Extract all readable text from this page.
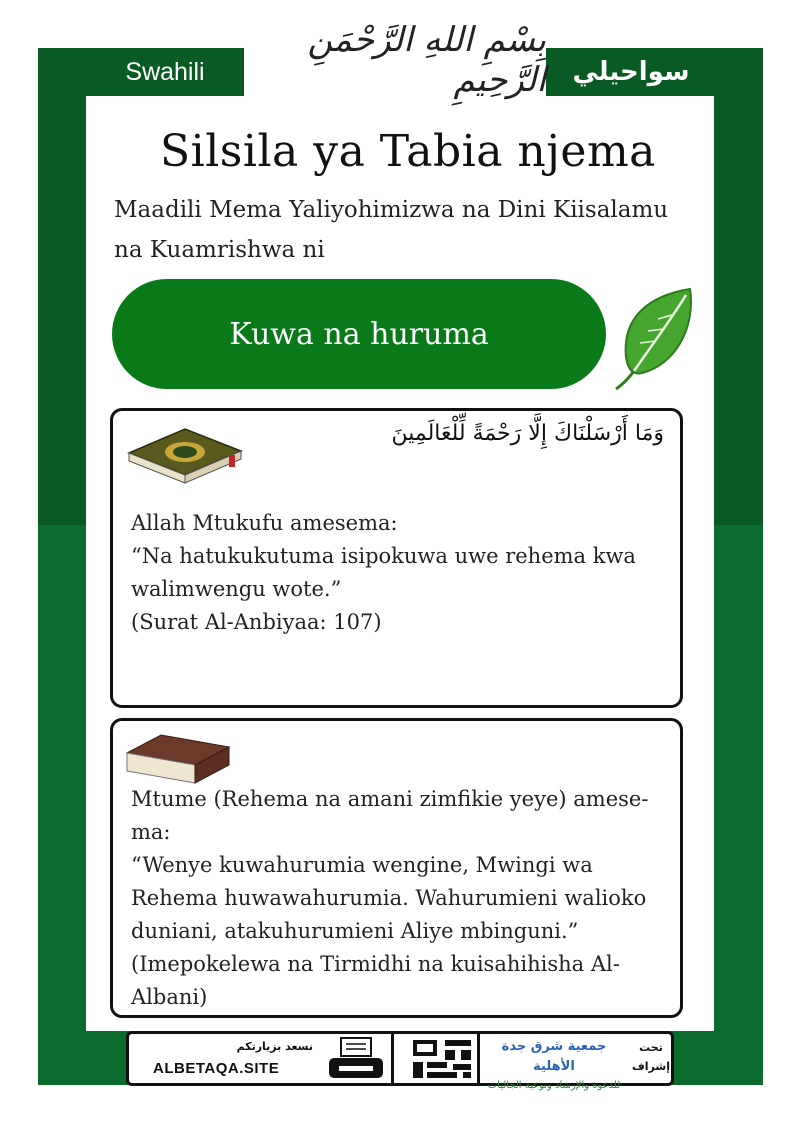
Swahili	سواحيلي
بِسْمِ اللهِ الرَّحْمَنِ الرَّحِيمِ
Silsila ya Tabia njema
Maadili Mema Yaliyohimizwa na Dini Kiisalamu na Kuamrishwa ni
Kuwa na huruma
وَمَا أَرْسَلْنَاكَ إِلَّا رَحْمَةً لِّلْعَالَمِينَ
Allah Mtukufu amesema:
“Na hatukukutuma isipokuwa uwe rehema kwa walimwengu wote.”
(Surat Al-Anbiyaa: 107)
Mtume (Rehema na amani zimfikie yeye) amese-ma:
“Wenye kuwahurumia wengine, Mwingi wa Rehema huwawahurumia. Wahurumieni walioko duniani, atakuhurumieni Aliye mbinguni.”
(Imepokelewa na Tirmidhi na kuisahihisha Al-Albani)
نسعد بزيارتكم
ALBETAQA.SITE
جمعية شرق جدة الأهلية
للدعوة والإرشاد وتوعية الجاليات
تحت إشراف
